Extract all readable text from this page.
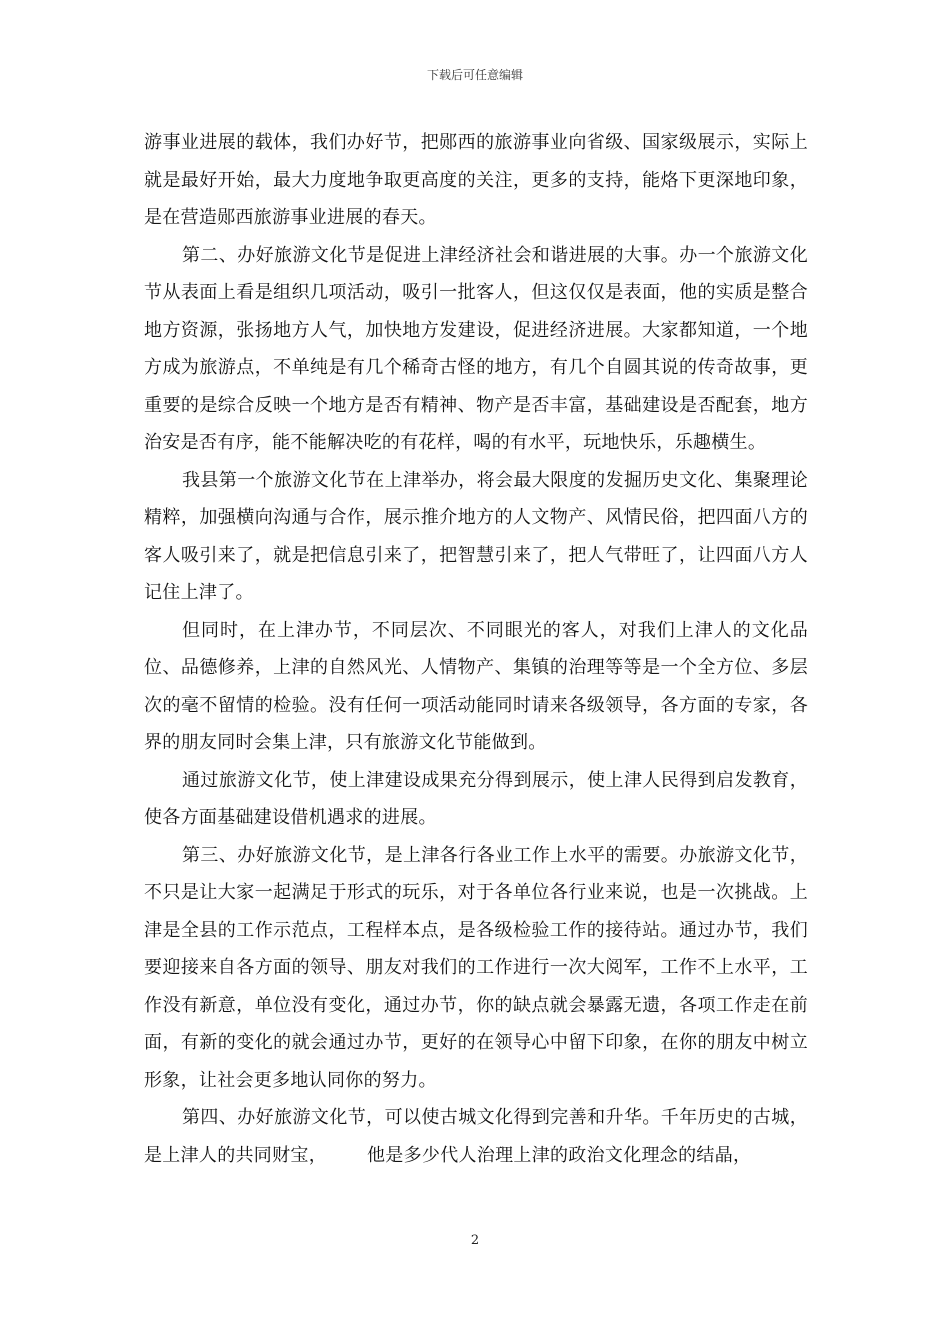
下载后可任意编辑

游事业进展的载体，我们办好节，把郧西的旅游事业向省级、国家级展示，实际上就是最好开始，最大力度地争取更高度的关注，更多的支持，能烙下更深地印象，是在营造郧西旅游事业进展的春天。

第二、办好旅游文化节是促进上津经济社会和谐进展的大事。办一个旅游文化节从表面上看是组织几项活动，吸引一批客人，但这仅仅是表面，他的实质是整合地方资源，张扬地方人气，加快地方发建设，促进经济进展。大家都知道，一个地方成为旅游点，不单纯是有几个稀奇古怪的地方，有几个自圆其说的传奇故事，更重要的是综合反映一个地方是否有精神、物产是否丰富，基础建设是否配套，地方治安是否有序，能不能解决吃的有花样，喝的有水平，玩地快乐，乐趣横生。

我县第一个旅游文化节在上津举办，将会最大限度的发掘历史文化、集聚理论精粹，加强横向沟通与合作，展示推介地方的人文物产、风情民俗，把四面八方的客人吸引来了，就是把信息引来了，把智慧引来了，把人气带旺了，让四面八方人记住上津了。

但同时，在上津办节，不同层次、不同眼光的客人，对我们上津人的文化品位、品德修养，上津的自然风光、人情物产、集镇的治理等等是一个全方位、多层次的毫不留情的检验。没有任何一项活动能同时请来各级领导，各方面的专家，各界的朋友同时会集上津，只有旅游文化节能做到。

通过旅游文化节，使上津建设成果充分得到展示，使上津人民得到启发教育，使各方面基础建设借机遇求的进展。

第三、办好旅游文化节，是上津各行各业工作上水平的需要。办旅游文化节，不只是让大家一起满足于形式的玩乐，对于各单位各行业来说，也是一次挑战。上津是全县的工作示范点，工程样本点，是各级检验工作的接待站。通过办节，我们要迎接来自各方面的领导、朋友对我们的工作进行一次大阅军，工作不上水平，工作没有新意，单位没有变化，通过办节，你的缺点就会暴露无遗，各项工作走在前面，有新的变化的就会通过办节，更好的在领导心中留下印象，在你的朋友中树立形象，让社会更多地认同你的努力。

第四、办好旅游文化节，可以使古城文化得到完善和升华。千年历史的古城，是上津人的共同财宝， 他是多少代人治理上津的政治文化理念的结晶，

2
